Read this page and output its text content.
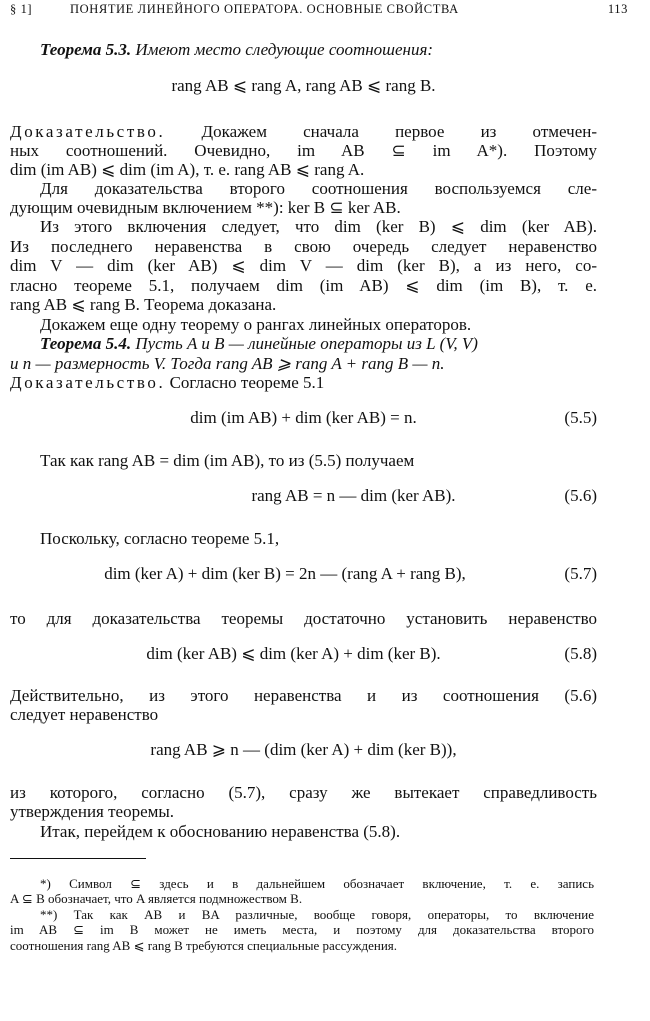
§ 1]	ПОНЯТИЕ ЛИНЕЙНОГО ОПЕРАТОРА. ОСНОВНЫЕ СВОЙСТВА	113
Теорема 5.3. Имеют место следующие соотношения:
rang AB ⩽ rang A, rang AB ⩽ rang B.
Доказательство. Докажем сначала первое из отмечен-
ных соотношений. Очевидно, im AB ⊆ im A*). Поэтому
dim (im AB) ⩽ dim (im A), т. е. rang AB ⩽ rang A.
Для доказательства второго соотношения воспользуемся сле-
дующим очевидным включением **): ker B ⊆ ker AB.
Из этого включения следует, что dim (ker B) ⩽ dim (ker AB).
Из последнего неравенства в свою очередь следует неравенство
dim V — dim (ker AB) ⩽ dim V — dim (ker B), а из него, со-
гласно теореме 5.1, получаем dim (im AB) ⩽ dim (im B), т. е.
rang AB ⩽ rang B. Теорема доказана.
Докажем еще одну теорему о рангах линейных операторов.
Теорема 5.4. Пусть A и B — линейные операторы из L (V, V)
и n — размерность V. Тогда rang AB ⩾ rang A + rang B — n.
Доказательство. Согласно теореме 5.1
dim (im AB) + dim (ker AB) = n.	(5.5)
Так как rang AB = dim (im AB), то из (5.5) получаем
rang AB = n — dim (ker AB).	(5.6)
Поскольку, согласно теореме 5.1,
dim (ker A) + dim (ker B) = 2n — (rang A + rang B),	(5.7)
то для доказательства теоремы достаточно установить неравенство
dim (ker AB) ⩽ dim (ker A) + dim (ker B).	(5.8)
Действительно, из этого неравенства и из соотношения (5.6)
следует неравенство
rang AB ⩾ n — (dim (ker A) + dim (ker B)),
из которого, согласно (5.7), сразу же вытекает справедливость
утверждения теоремы.
Итак, перейдем к обоснованию неравенства (5.8).
*) Символ ⊆ здесь и в дальнейшем обозначает включение, т. е. запись
A ⊆ B обозначает, что A является подмножеством B.
**) Так как AB и BA различные, вообще говоря, операторы, то включение
im AB ⊆ im B может не иметь места, и поэтому для доказательства второго
соотношения rang AB ⩽ rang B требуются специальные рассуждения.
